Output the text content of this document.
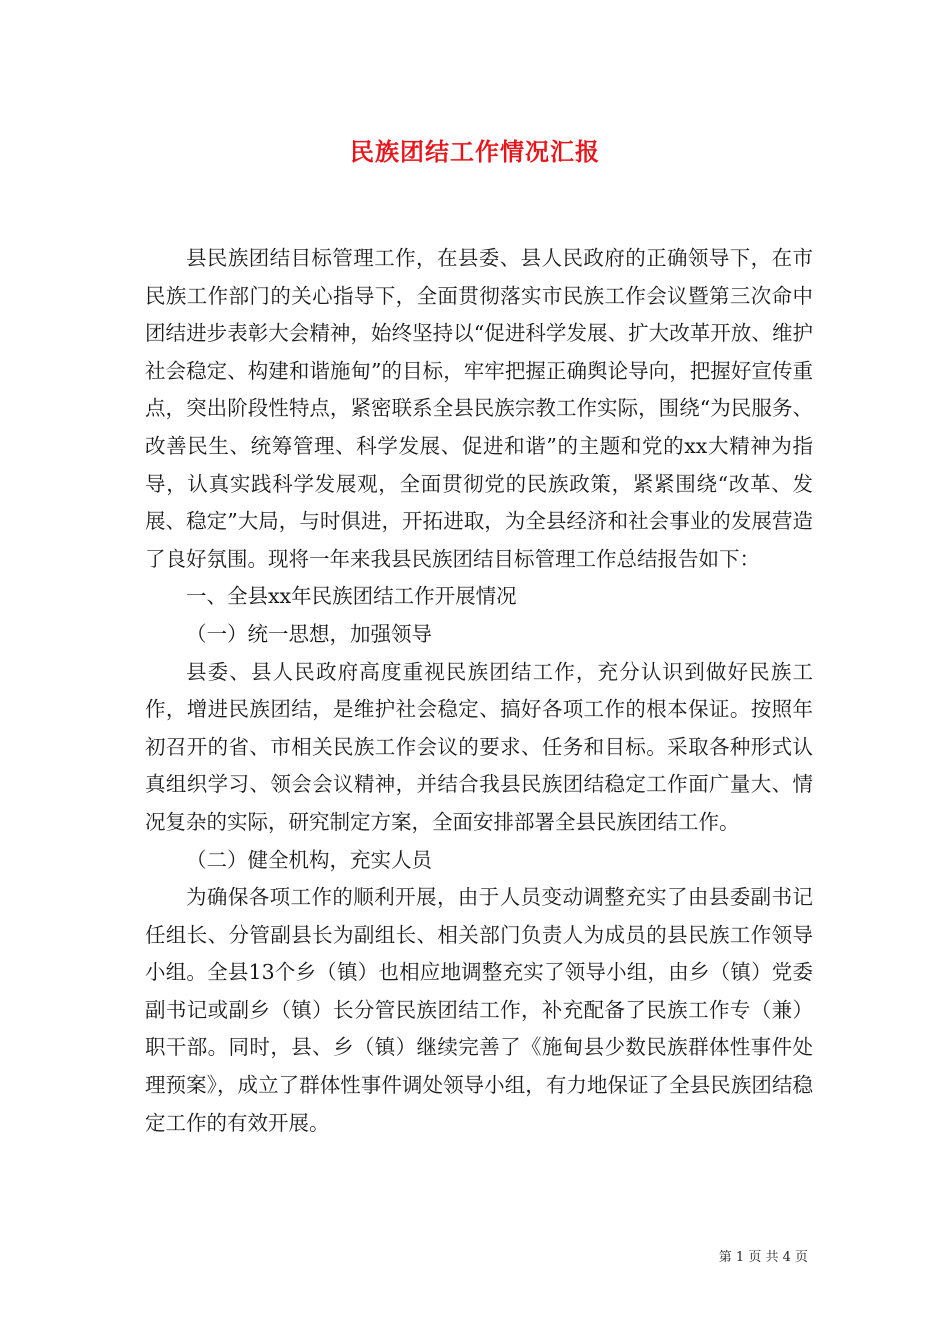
民族团结工作情况汇报

县民族团结目标管理工作，在县委、县人民政府的正确领导下，在市民族工作部门的关心指导下，全面贯彻落实市民族工作会议暨第三次命中团结进步表彰大会精神，始终坚持以“促进科学发展、扩大改革开放、维护社会稳定、构建和谐施甸”的目标，牢牢把握正确舆论导向，把握好宣传重点，突出阶段性特点，紧密联系全县民族宗教工作实际，围绕“为民服务、改善民生、统筹管理、科学发展、促进和谐”的主题和党的xx大精神为指导，认真实践科学发展观，全面贯彻党的民族政策，紧紧围绕“改革、发展、稳定”大局，与时俱进，开拓进取，为全县经济和社会事业的发展营造了良好氛围。现将一年来我县民族团结目标管理工作总结报告如下：

一、全县xx年民族团结工作开展情况

（一）统一思想，加强领导

县委、县人民政府高度重视民族团结工作，充分认识到做好民族工作，增进民族团结，是维护社会稳定、搞好各项工作的根本保证。按照年初召开的省、市相关民族工作会议的要求、任务和目标。采取各种形式认真组织学习、领会会议精神，并结合我县民族团结稳定工作面广量大、情况复杂的实际，研究制定方案，全面安排部署全县民族团结工作。

（二）健全机构，充实人员

为确保各项工作的顺利开展，由于人员变动调整充实了由县委副书记任组长、分管副县长为副组长、相关部门负责人为成员的县民族工作领导小组。全县13个乡（镇）也相应地调整充实了领导小组，由乡（镇）党委副书记或副乡（镇）长分管民族团结工作，补充配备了民族工作专（兼）职干部。同时，县、乡（镇）继续完善了《施甸县少数民族群体性事件处理预案》，成立了群体性事件调处领导小组，有力地保证了全县民族团结稳定工作的有效开展。

第 1 页 共 4 页
